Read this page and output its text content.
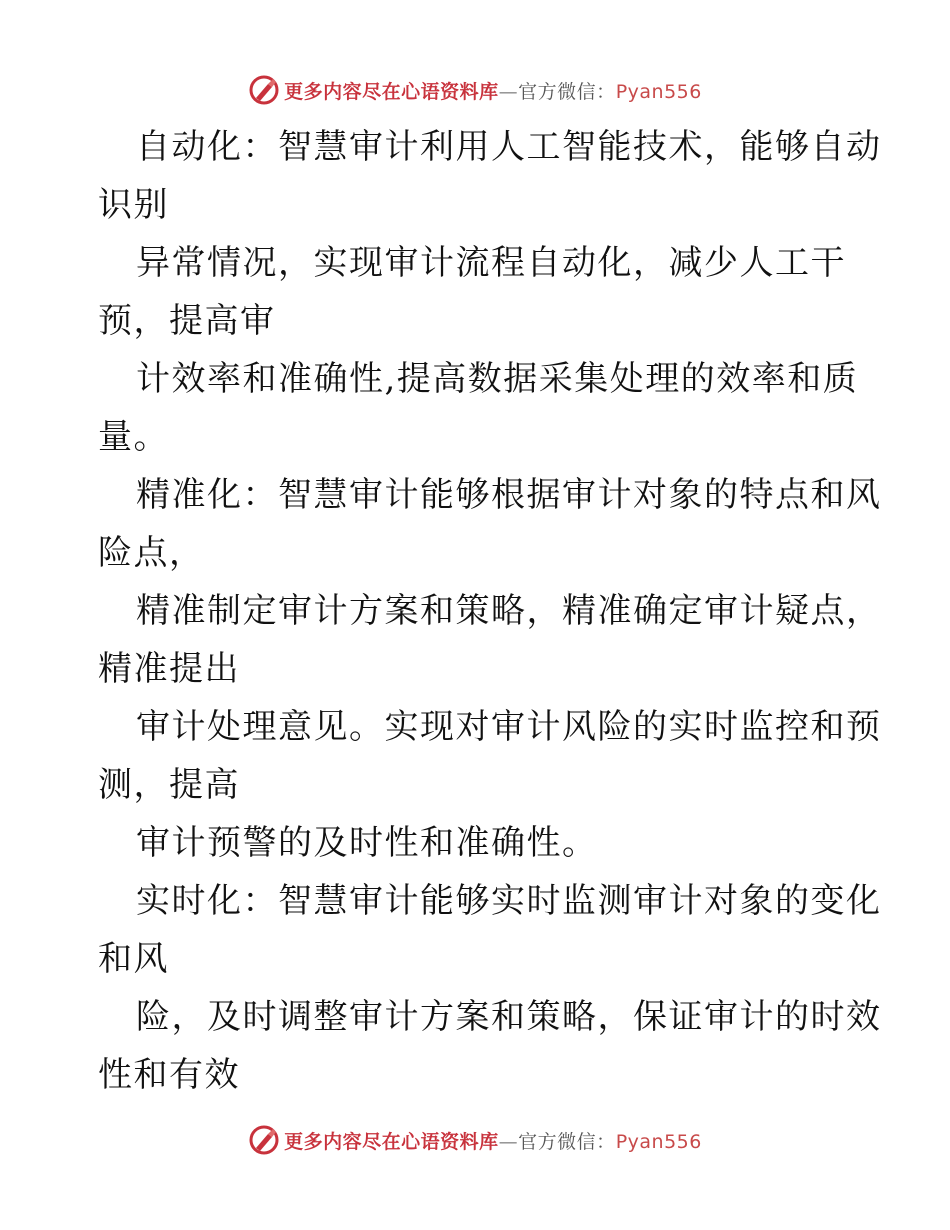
更多内容尽在心语资料库—官方微信：Pyan556
自动化：智慧审计利用人工智能技术，能够自动
识别
异常情况，实现审计流程自动化，减少人工干
预，提高审
计效率和准确性,提高数据采集处理的效率和质
量。
精准化：智慧审计能够根据审计对象的特点和风
险点，
精准制定审计方案和策略，精准确定审计疑点，
精准提出
审计处理意见。实现对审计风险的实时监控和预
测，提高
审计预警的及时性和准确性。
实时化：智慧审计能够实时监测审计对象的变化
和风
险，及时调整审计方案和策略，保证审计的时效
性和有效
更多内容尽在心语资料库—官方微信：Pyan556
